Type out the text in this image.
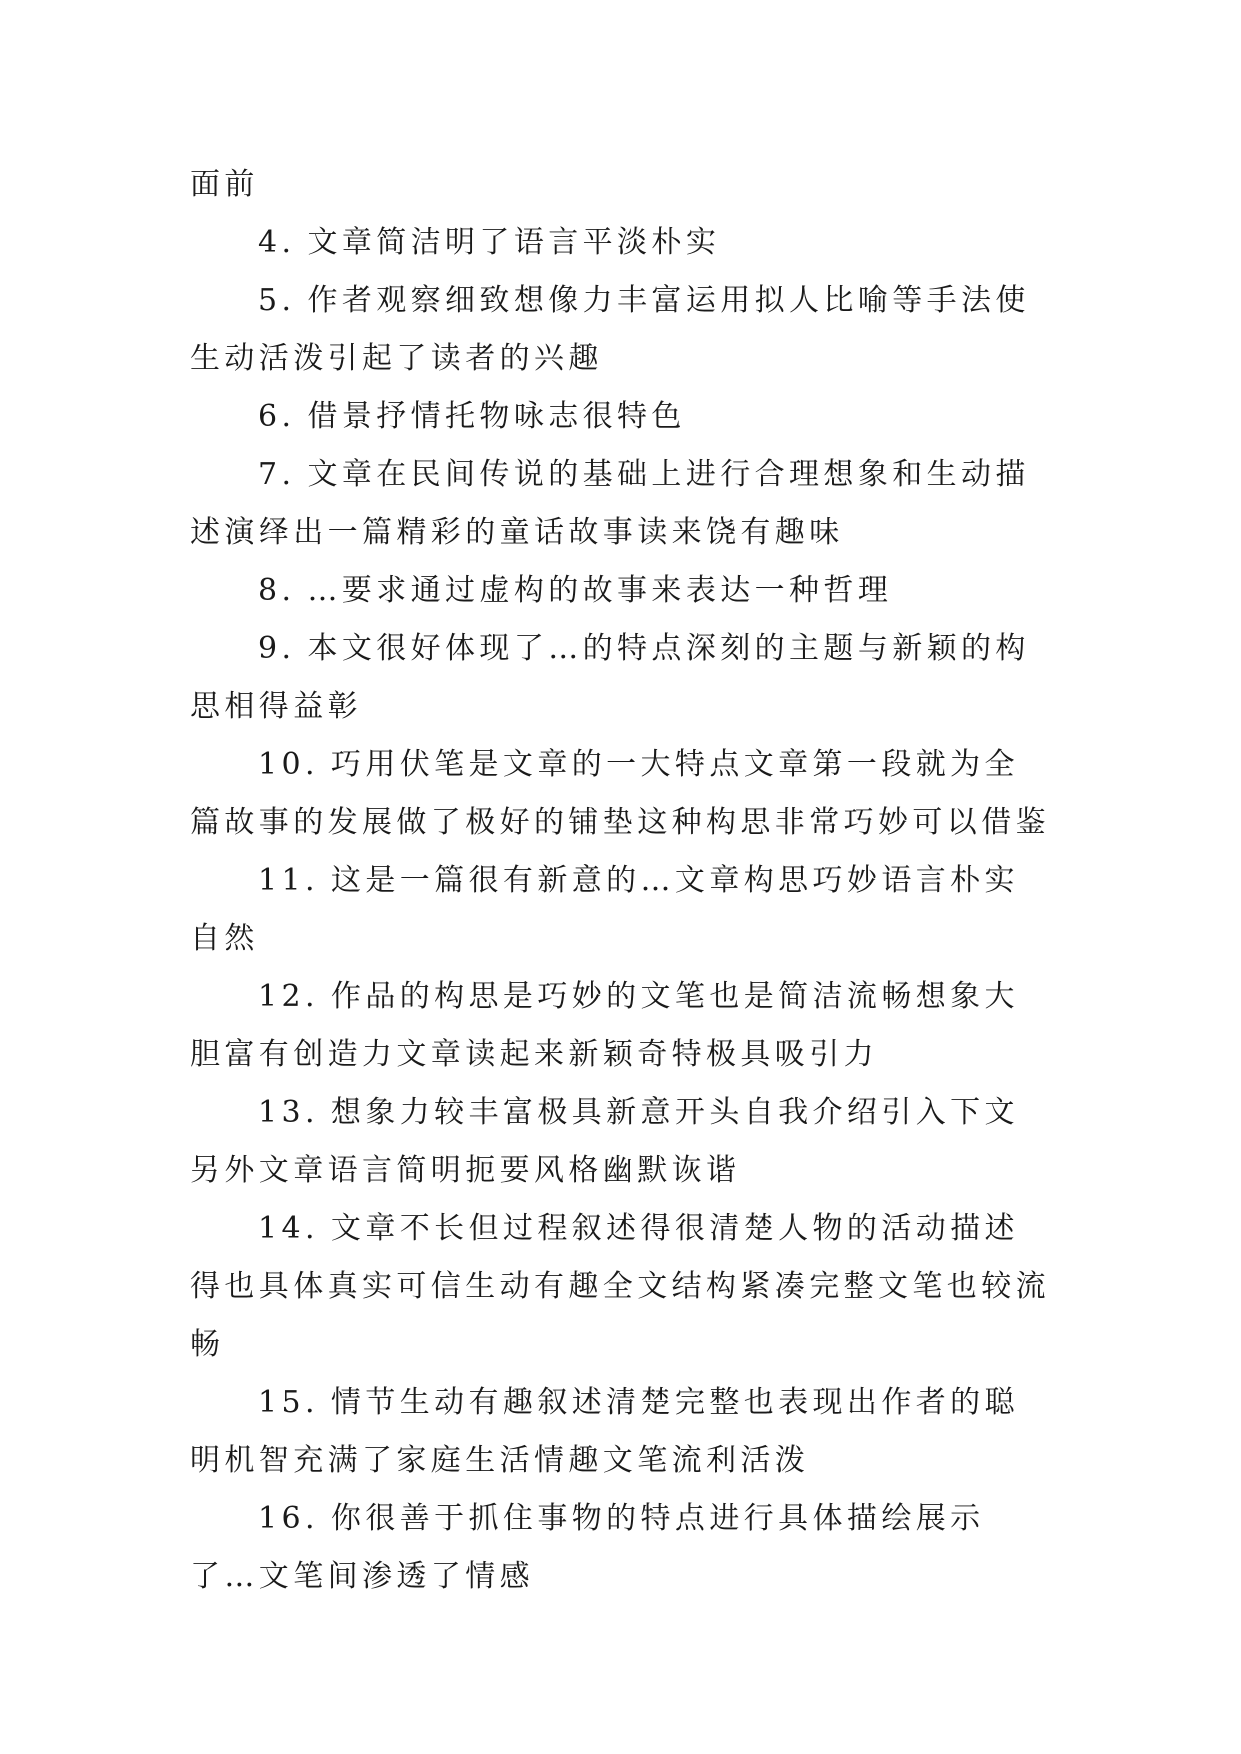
面前

4. 文章简洁明了语言平淡朴实

5. 作者观察细致想像力丰富运用拟人比喻等手法使生动活泼引起了读者的兴趣

6. 借景抒情托物咏志很特色

7. 文章在民间传说的基础上进行合理想象和生动描述演绎出一篇精彩的童话故事读来饶有趣味

8. …要求通过虚构的故事来表达一种哲理

9. 本文很好体现了…的特点深刻的主题与新颖的构思相得益彰

10. 巧用伏笔是文章的一大特点文章第一段就为全篇故事的发展做了极好的铺垫这种构思非常巧妙可以借鉴

11. 这是一篇很有新意的…文章构思巧妙语言朴实自然

12. 作品的构思是巧妙的文笔也是简洁流畅想象大胆富有创造力文章读起来新颖奇特极具吸引力

13. 想象力较丰富极具新意开头自我介绍引入下文另外文章语言简明扼要风格幽默诙谐

14. 文章不长但过程叙述得很清楚人物的活动描述得也具体真实可信生动有趣全文结构紧凑完整文笔也较流畅

15. 情节生动有趣叙述清楚完整也表现出作者的聪明机智充满了家庭生活情趣文笔流利活泼

16. 你很善于抓住事物的特点进行具体描绘展示了…文笔间渗透了情感
